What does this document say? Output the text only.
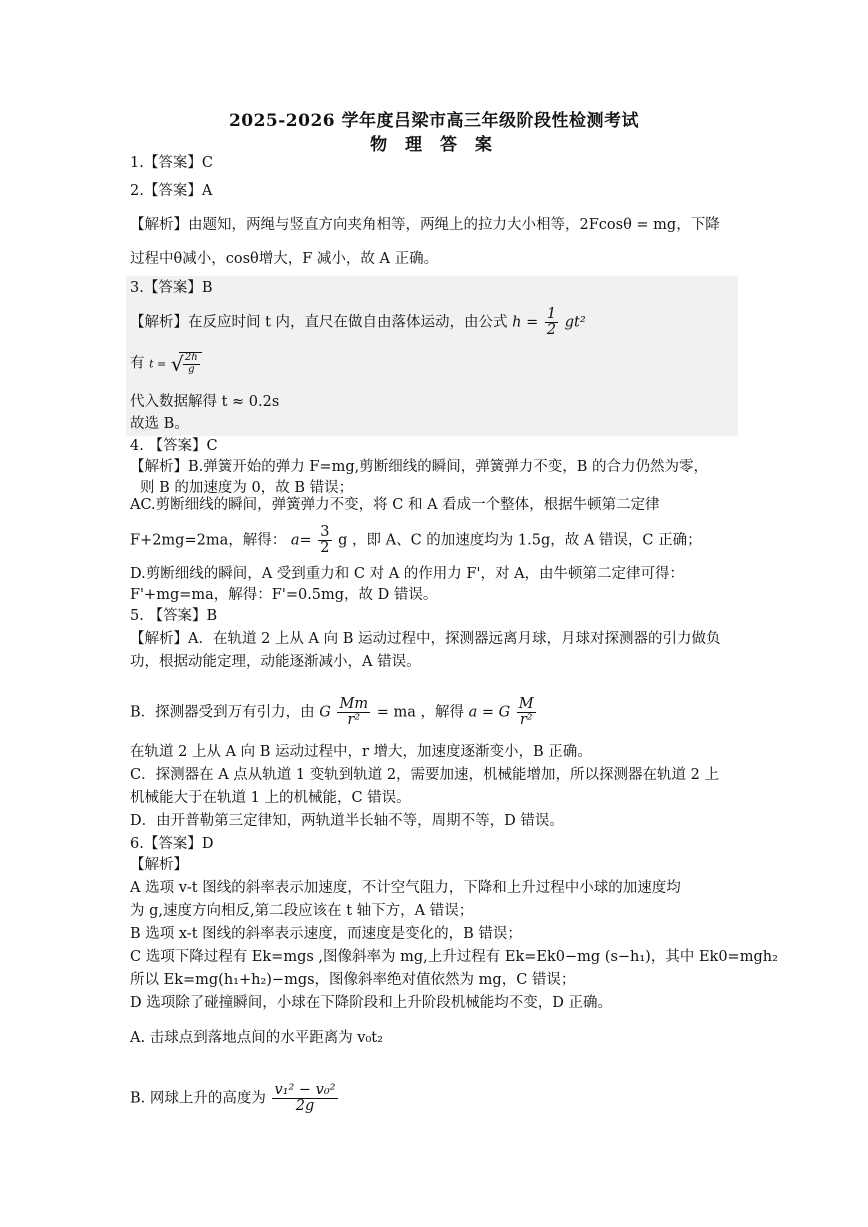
2025-2026 学年度吕梁市高三年级阶段性检测考试
物 理 答 案
1.【答案】C
2.【答案】A
【解析】由题知，两绳与竖直方向夹角相等，两绳上的拉力大小相等，2Fcosθ = mg，下降
过程中θ减小，cosθ增大，F 减小，故 A 正确。
3.【答案】B
【解析】在反应时间 t 内，直尺在做自由落体运动，由公式 $h = \frac{1}{2} gt^2$
有 t = √ $\frac{2h}{g}$
代入数据解得 t ≈ 0.2s
故选 B。
4. 【答案】C
【解析】B.弹簧开始的弹力 F=mg,剪断细线的瞬间，弹簧弹力不变，B 的合力仍然为零，
则 B 的加速度为 0，故 B 错误；
AC.剪断细线的瞬间，弹簧弹力不变，将 C 和 A 看成一个整体，根据牛顿第二定律
F+2mg=2ma，解得： $a= \frac{3}{2}$ g ，即 A、C 的加速度均为 1.5g，故 A 错误，C 正确；
D.剪断细线的瞬间，A 受到重力和 C 对 A 的作用力 F'，对 A，由牛顿第二定律可得：
F'+mg=ma，解得：F'=0.5mg，故 D 错误。
5. 【答案】B
【解析】A．在轨道 2 上从 A 向 B 运动过程中，探测器远离月球，月球对探测器的引力做负
功，根据动能定理，动能逐渐减小，A 错误。
B．探测器受到万有引力，由 G $\frac{Mm}{\text{r²}}$ = ma ，解得 a = G $\frac{M}{\text{r²}}$
在轨道 2 上从 A 向 B 运动过程中，r 增大，加速度逐渐变小，B 正确。
C．探测器在 A 点从轨道 1 变轨到轨道 2，需要加速，机械能增加，所以探测器在轨道 2 上
机械能大于在轨道 1 上的机械能，C 错误。
D．由开普勒第三定律知，两轨道半长轴不等，周期不等，D 错误。
6.【答案】D
【解析】
A 选项 v-t 图线的斜率表示加速度，不计空气阻力，下降和上升过程中小球的加速度均
为 g,速度方向相反,第二段应该在 t 轴下方，A 错误；
B 选项 x-t 图线的斜率表示速度，而速度是变化的，B 错误；
C 选项下降过程有 Ek=mgs ,图像斜率为 mg,上升过程有 Ek=Ek0−mg (s−h₁)，其中 Ek0=mgh₂
所以 Ek=mg(h₁+h₂)−mgs，图像斜率绝对值依然为 mg，C 错误；
D 选项除了碰撞瞬间，小球在下降阶段和上升阶段机械能均不变，D 正确。
A. 击球点到落地点间的水平距离为 v₀t₂
B. 网球上升的高度为 $\frac{\text{v₁² − v₀²}}{2g}$
